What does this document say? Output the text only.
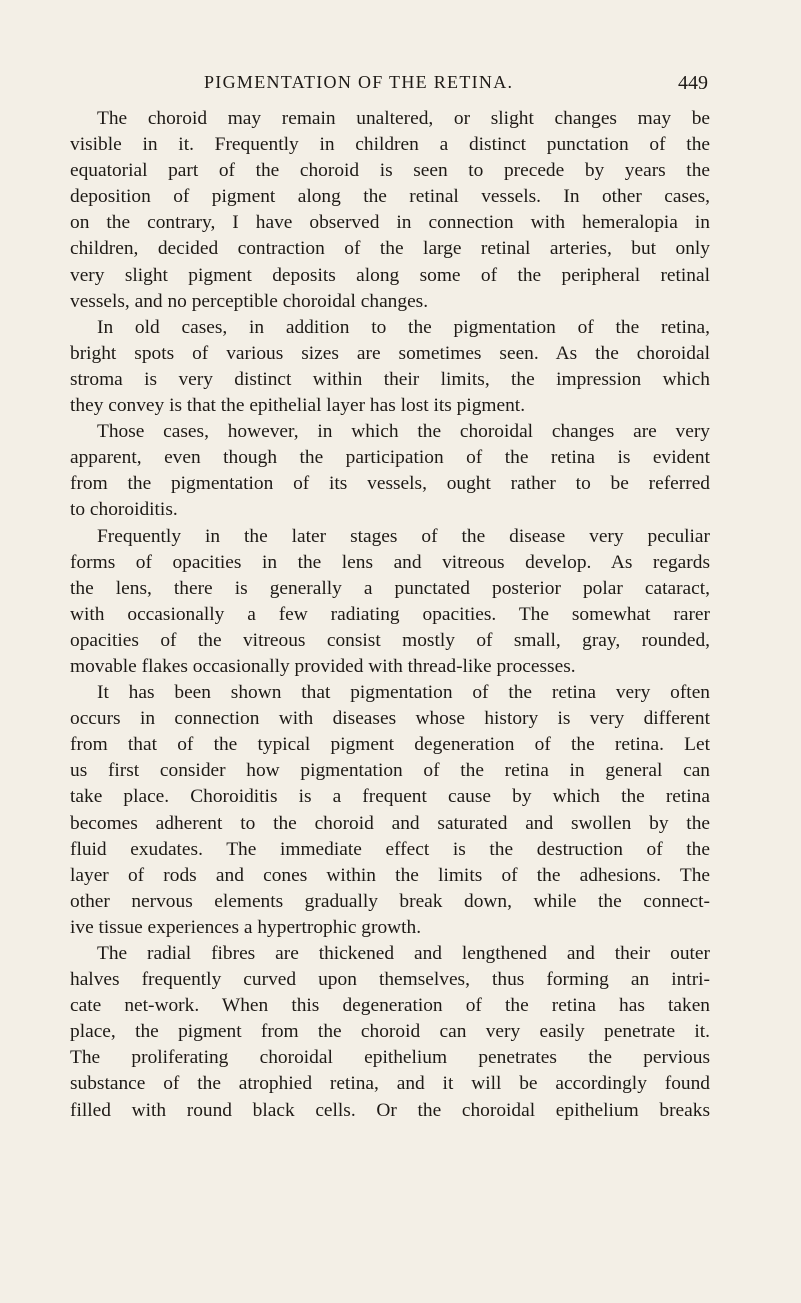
PIGMENTATION OF THE RETINA.	449
The choroid may remain unaltered, or slight changes may be
visible in it. Frequently in children a distinct punctation of the
equatorial part of the choroid is seen to precede by years the
deposition of pigment along the retinal vessels. In other cases,
on the contrary, I have observed in connection with hemeralopia in
children, decided contraction of the large retinal arteries, but only
very slight pigment deposits along some of the peripheral retinal
vessels, and no perceptible choroidal changes.
In old cases, in addition to the pigmentation of the retina,
bright spots of various sizes are sometimes seen. As the choroidal
stroma is very distinct within their limits, the impression which
they convey is that the epithelial layer has lost its pigment.
Those cases, however, in which the choroidal changes are very
apparent, even though the participation of the retina is evident
from the pigmentation of its vessels, ought rather to be referred
to choroiditis.
Frequently in the later stages of the disease very peculiar
forms of opacities in the lens and vitreous develop. As regards
the lens, there is generally a punctated posterior polar cataract,
with occasionally a few radiating opacities. The somewhat rarer
opacities of the vitreous consist mostly of small, gray, rounded,
movable flakes occasionally provided with thread-like processes.
It has been shown that pigmentation of the retina very often
occurs in connection with diseases whose history is very different
from that of the typical pigment degeneration of the retina. Let
us first consider how pigmentation of the retina in general can
take place. Choroiditis is a frequent cause by which the retina
becomes adherent to the choroid and saturated and swollen by the
fluid exudates. The immediate effect is the destruction of the
layer of rods and cones within the limits of the adhesions. The
other nervous elements gradually break down, while the connect-
ive tissue experiences a hypertrophic growth.
The radial fibres are thickened and lengthened and their outer
halves frequently curved upon themselves, thus forming an intri-
cate net-work. When this degeneration of the retina has taken
place, the pigment from the choroid can very easily penetrate it.
The proliferating choroidal epithelium penetrates the pervious
substance of the atrophied retina, and it will be accordingly found
filled with round black cells. Or the choroidal epithelium breaks
